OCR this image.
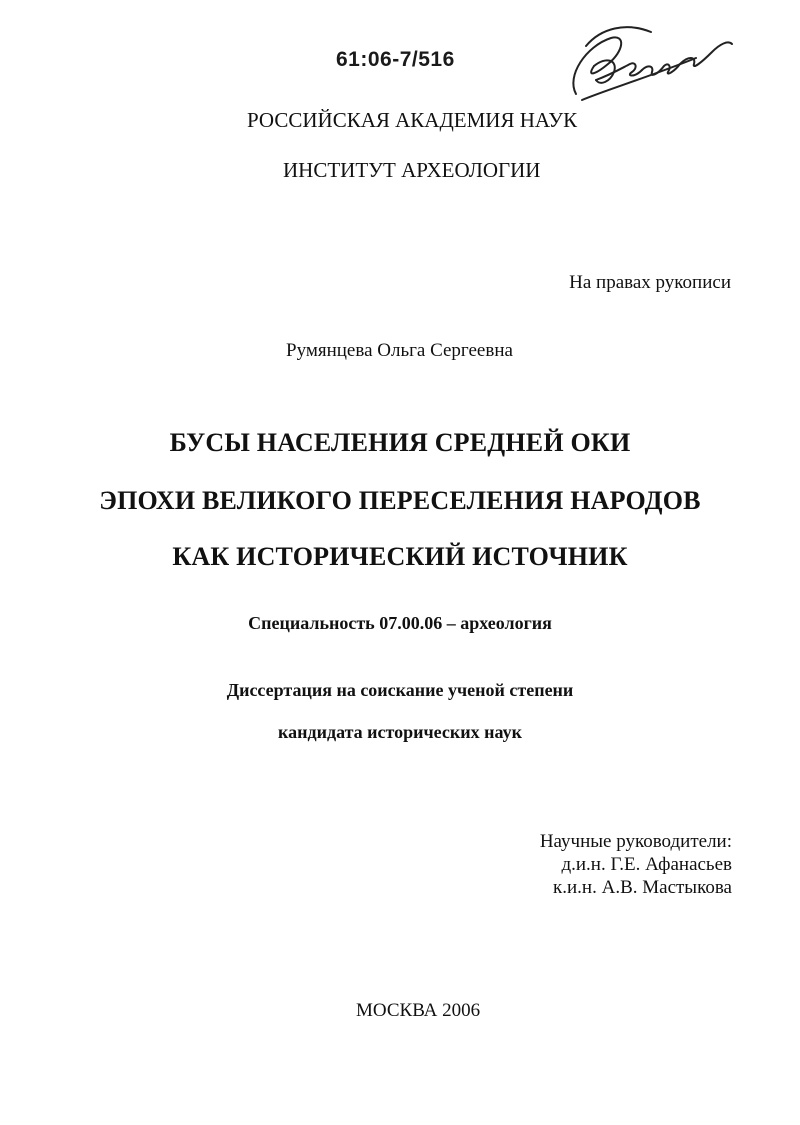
61:06-7/516
РОССИЙСКАЯ АКАДЕМИЯ НАУК
ИНСТИТУТ АРХЕОЛОГИИ
На правах рукописи
Румянцева Ольга Сергеевна
БУСЫ НАСЕЛЕНИЯ СРЕДНЕЙ ОКИ
ЭПОХИ ВЕЛИКОГО ПЕРЕСЕЛЕНИЯ НАРОДОВ
КАК ИСТОРИЧЕСКИЙ ИСТОЧНИК
Специальность 07.00.06 – археология
Диссертация на соискание ученой степени
кандидата исторических наук
Научные руководители:
д.и.н. Г.Е. Афанасьев
к.и.н. А.В. Мастыкова
МОСКВА 2006
